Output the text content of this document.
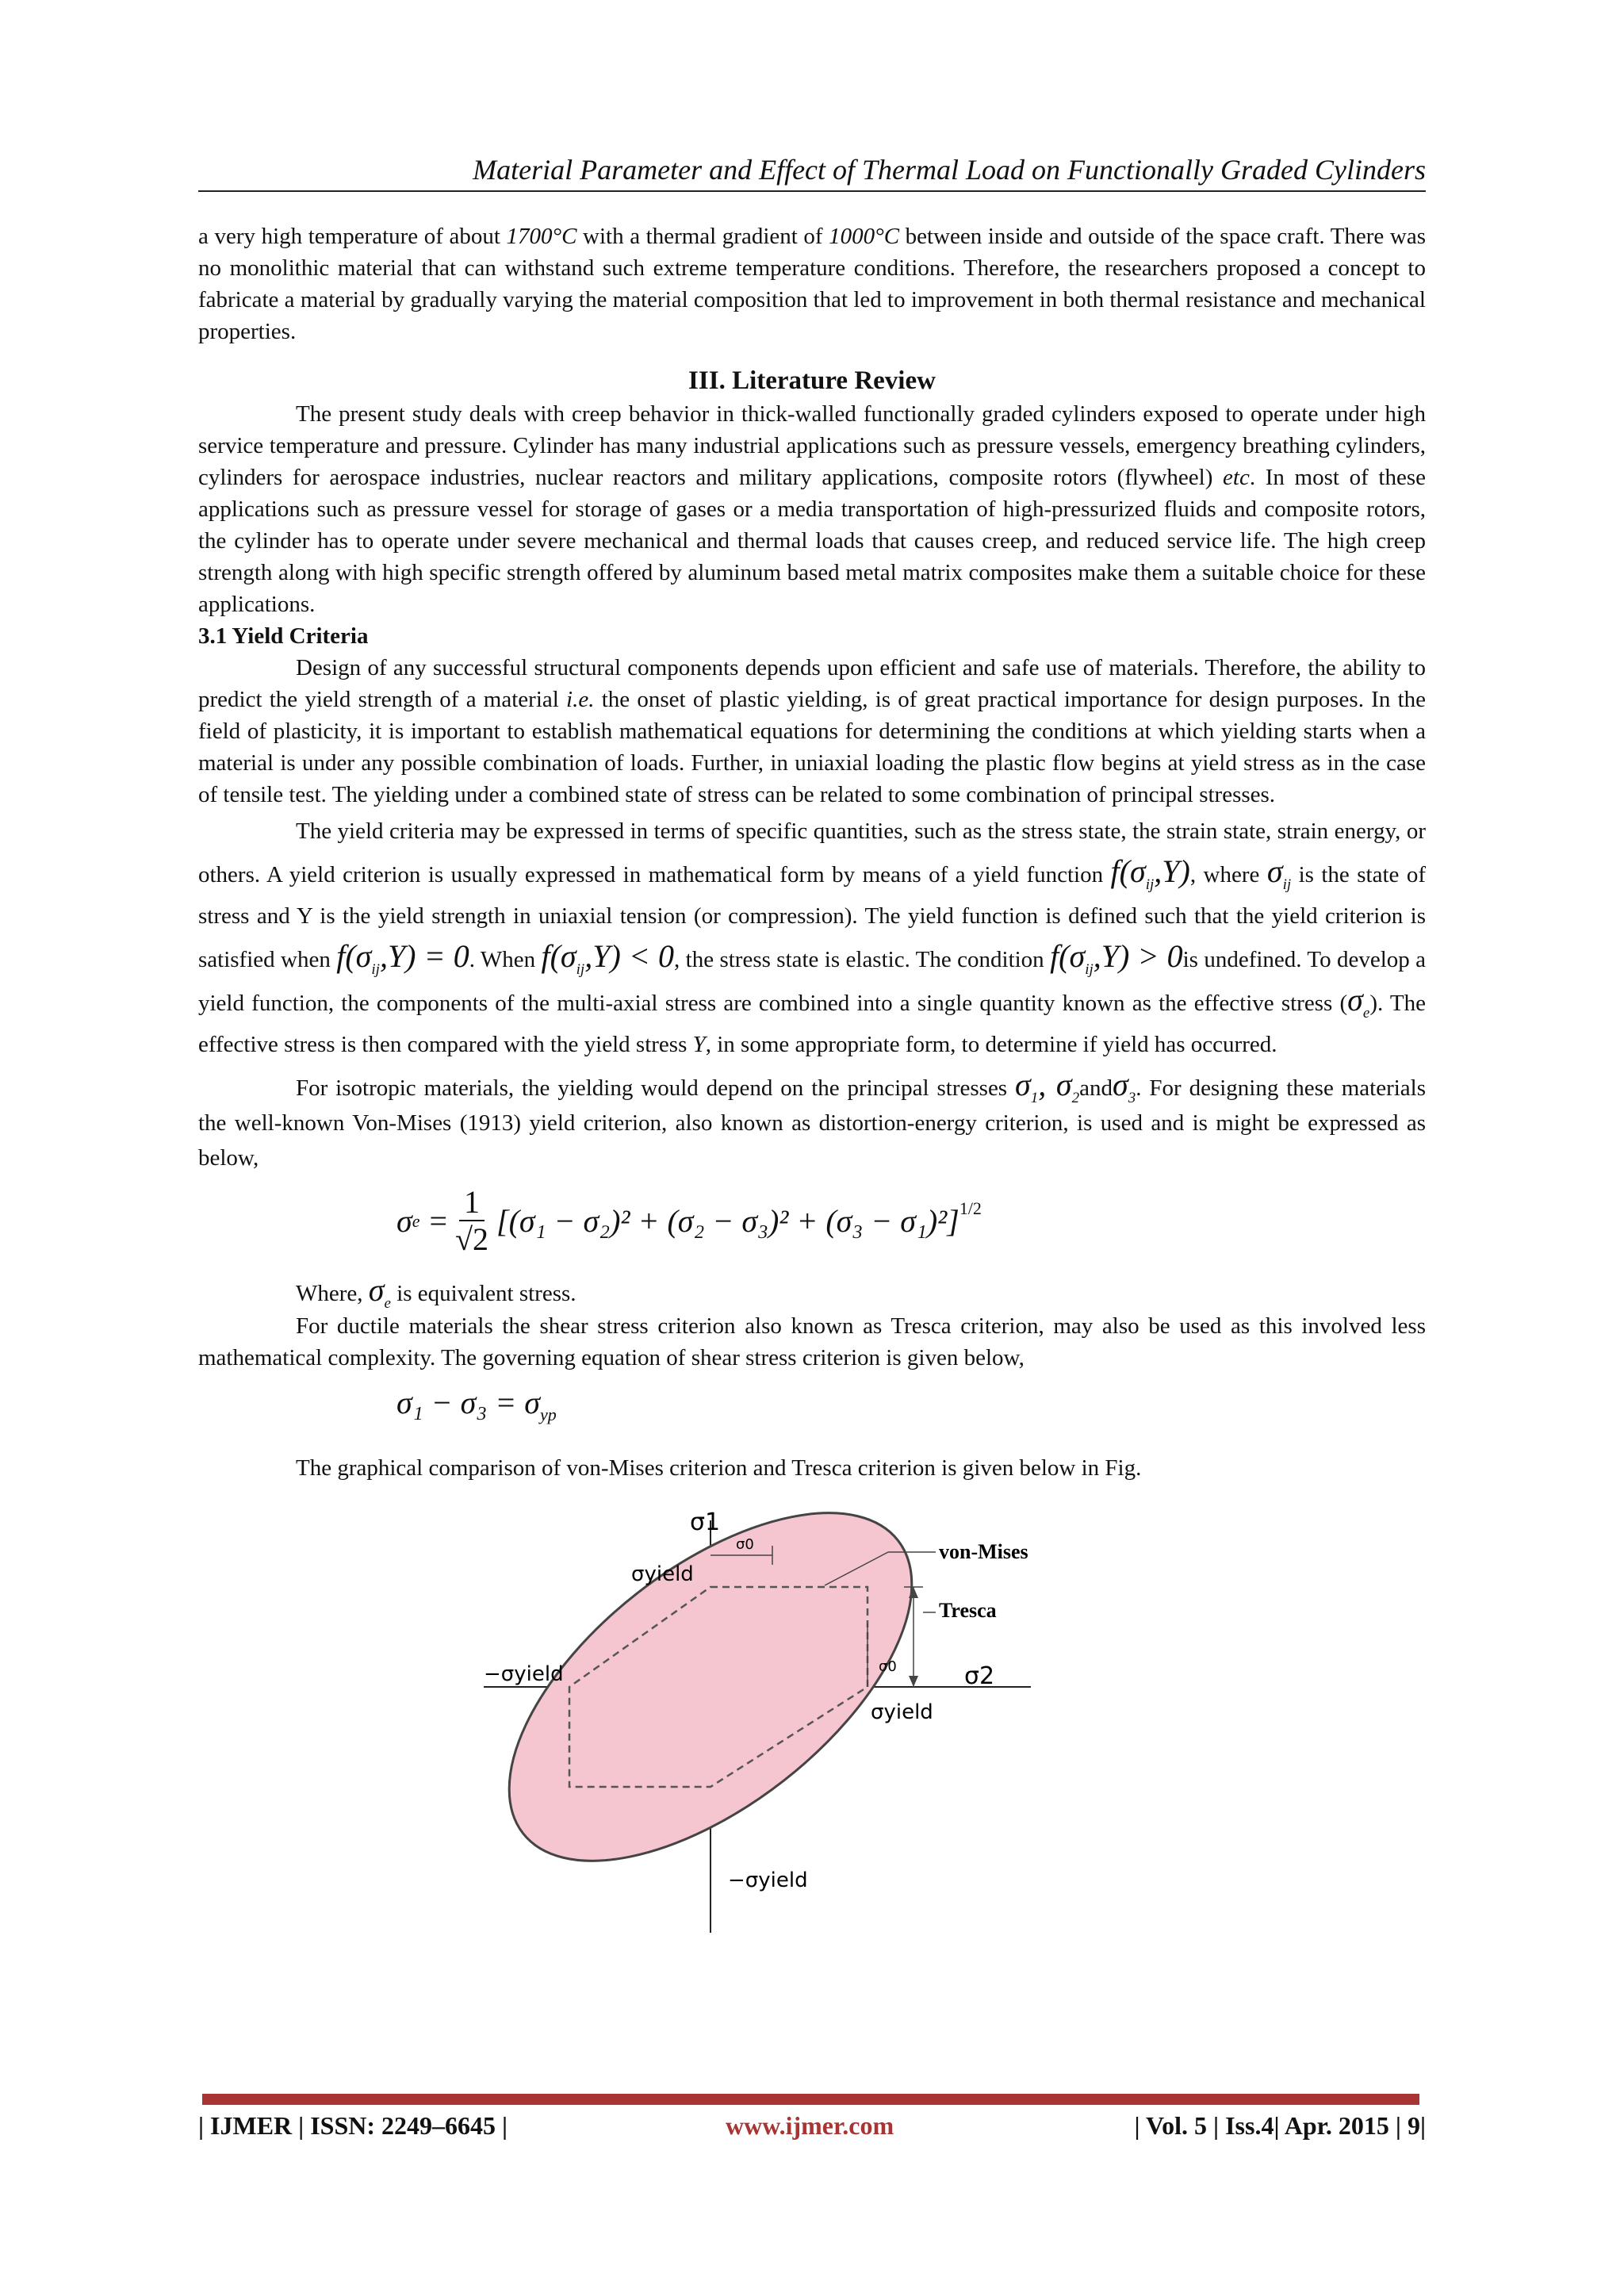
Material Parameter and Effect of Thermal Load on Functionally Graded Cylinders

a very high temperature of about 1700°C with a thermal gradient of 1000°C between inside and outside of the space craft. There was no monolithic material that can withstand such extreme temperature conditions. Therefore, the researchers proposed a concept to fabricate a material by gradually varying the material composition that led to improvement in both thermal resistance and mechanical properties.

III. Literature Review

The present study deals with creep behavior in thick-walled functionally graded cylinders exposed to operate under high service temperature and pressure. Cylinder has many industrial applications such as pressure vessels, emergency breathing cylinders, cylinders for aerospace industries, nuclear reactors and military applications, composite rotors (flywheel) etc. In most of these applications such as pressure vessel for storage of gases or a media transportation of high-pressurized fluids and composite rotors, the cylinder has to operate under severe mechanical and thermal loads that causes creep, and reduced service life. The high creep strength along with high specific strength offered by aluminum based metal matrix composites make them a suitable choice for these applications.

3.1 Yield Criteria

Design of any successful structural components depends upon efficient and safe use of materials. Therefore, the ability to predict the yield strength of a material i.e. the onset of plastic yielding, is of great practical importance for design purposes. In the field of plasticity, it is important to establish mathematical equations for determining the conditions at which yielding starts when a material is under any possible combination of loads. Further, in uniaxial loading the plastic flow begins at yield stress as in the case of tensile test. The yielding under a combined state of stress can be related to some combination of principal stresses.

The yield criteria may be expressed in terms of specific quantities, such as the stress state, the strain state, strain energy, or others. A yield criterion is usually expressed in mathematical form by means of a yield function $f(\sigma_{ij},Y)$, where $\sigma_{ij}$ is the state of stress and Y is the yield strength in uniaxial tension (or compression). The yield function is defined such that the yield criterion is satisfied when $f(\sigma_{ij},Y) = 0$. When $f(\sigma_{ij},Y) < 0$, the stress state is elastic. The condition $f(\sigma_{ij},Y) > 0is$ undefined. To develop a yield function, the components of the multi-axial stress are combined into a single quantity known as the effective stress $(\sigma_e)$. The effective stress is then compared with the yield stress Y, in some appropriate form, to determine if yield has occurred.

For isotropic materials, the yielding would depend on the principal stresses $\sigma_1$, $\sigma_2and\sigma_3$. For designing these materials the well-known Von-Mises (1913) yield criterion, also known as distortion-energy criterion, is used and is might be expressed as below,

σ $e = \frac{1}{√2} [(\sigma_1 - \sigma_2)^2 + (\sigma_2 - \sigma_3)^2 + (\sigma_3 - \sigma_1)^2]^{1/2}$

Where, $\sigma_e$ is equivalent stress.

For ductile materials the shear stress criterion also known as Tresca criterion, may also be used as this involved less mathematical complexity. The governing equation of shear stress criterion is given below,

$\sigma_1 - \sigma_3 = \sigma_{yp}$

The graphical comparison of von-Mises criterion and Tresca criterion is given below in Fig.

σ1
σ0
σyield
−σyield
σyield
−σyield
σ0	σ2
von-Mises
Tresca
| IJMER | ISSN: 2249–6645 |	www.ijmer.com	| Vol. 5 | Iss.4| Apr. 2015 | 9|
